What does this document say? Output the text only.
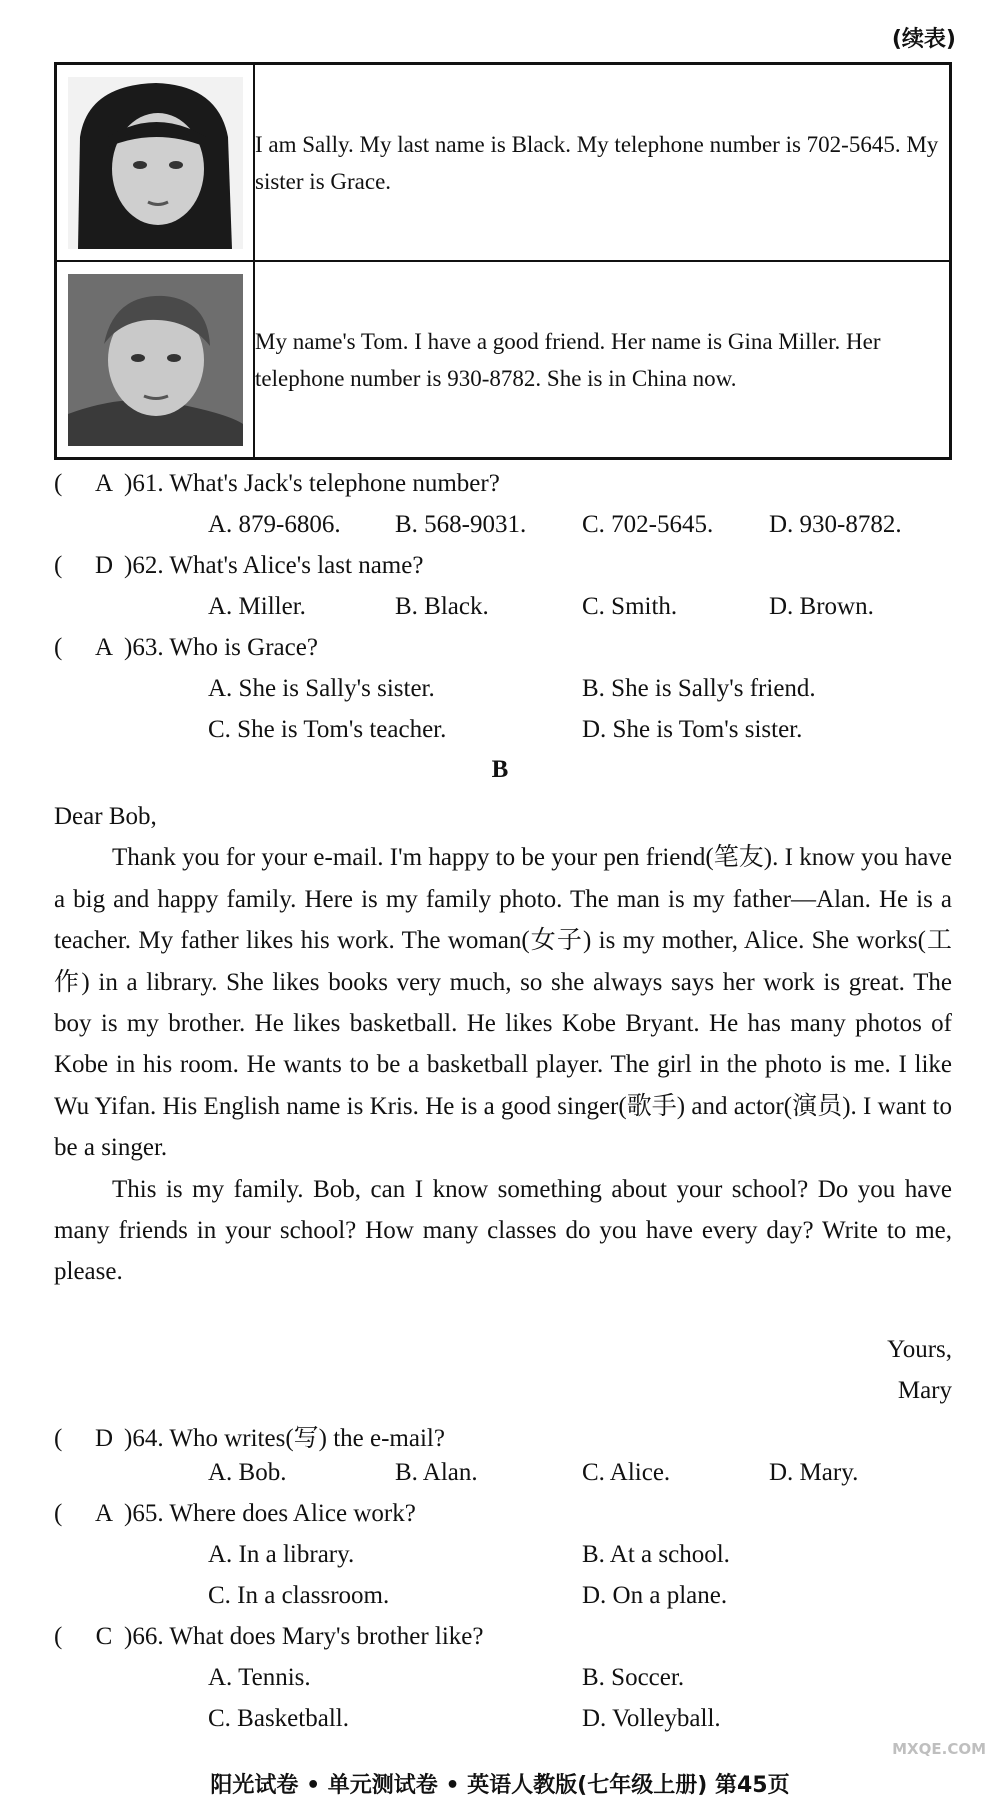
(续表)
	I am Sally. My last name is Black. My telephone number is 702-5645. My sister is Grace.

	My name's Tom. I have a good friend. Her name is Gina Miller. Her telephone number is 930-8782. She is in China now.
( A )61. What's Jack's telephone number?
A. 879-6806. B. 568-9031. C. 702-5645. D. 930-8782.
( D )62. What's Alice's last name?
A. Miller.	B. Black.	C. Smith.	D. Brown.
( A )63. Who is Grace?
A. She is Sally's sister.	B. She is Sally's friend.
C. She is Tom's teacher.	D. She is Tom's sister.
B

Dear Bob,

Thank you for your e-mail. I'm happy to be your pen friend(笔友). I know you have a big and happy family. Here is my family photo. The man is my father—Alan. He is a teacher. My father likes his work. The woman(女子) is my mother, Alice. She works(工作) in a library. She likes books very much, so she always says her work is great. The boy is my brother. He likes basketball. He likes Kobe Bryant. He has many photos of Kobe in his room. He wants to be a basketball player. The girl in the photo is me. I like Wu Yifan. His English name is Kris. He is a good singer(歌手) and actor(演员). I want to be a singer.

This is my family. Bob, can I know something about your school? Do you have many friends in your school? How many classes do you have every day? Write to me, please.

Yours,
Mary
( D )64. Who writes(写) the e-mail?
A. Bob.	B. Alan.	C. Alice.	D. Mary.
( A )65. Where does Alice work?
A. In a library.	B. At a school.
C. In a classroom.	D. On a plane.
( C )66. What does Mary's brother like?
A. Tennis.	B. Soccer.
C. Basketball.	D. Volleyball.
阳光试卷 • 单元测试卷 • 英语人教版(七年级上册) 第45页
MXQE.COM
